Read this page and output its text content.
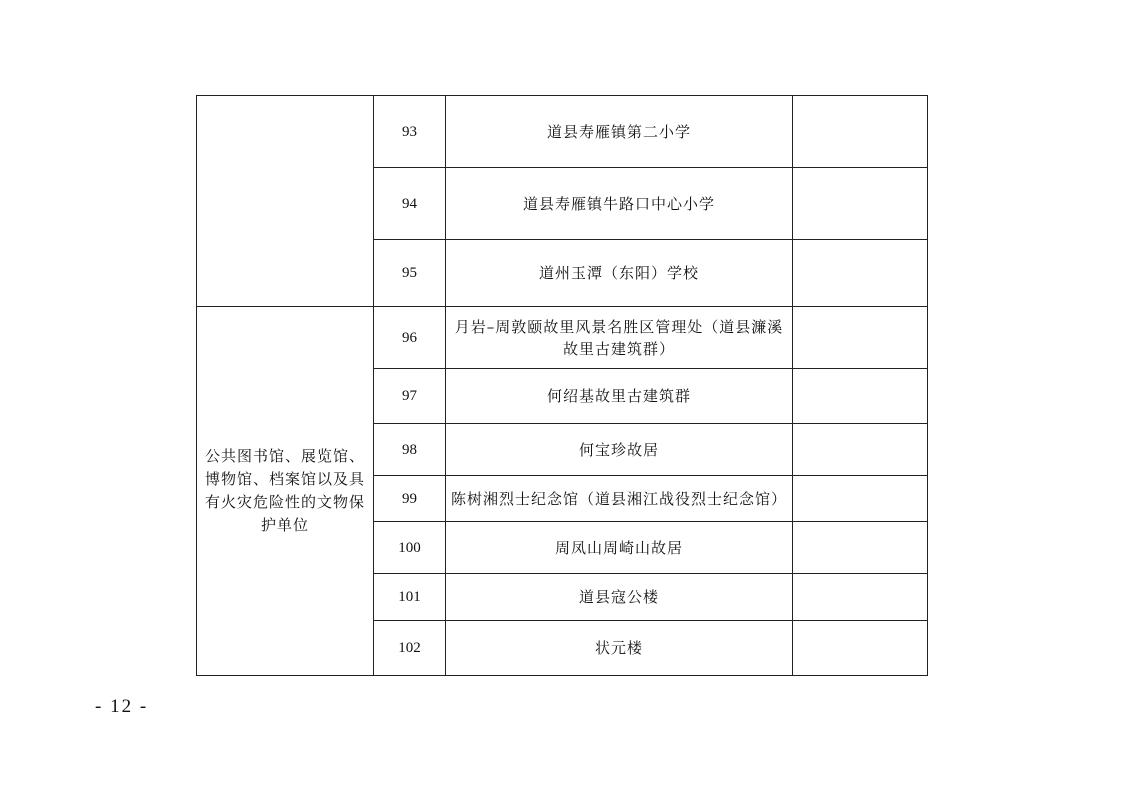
	93	道县寿雁镇第二小学	
	94	道县寿雁镇牛路口中心小学	
	95	道州玉潭（东阳）学校	
公共图书馆、展览馆、博物馆、档案馆以及具有火灾危险性的文物保护单位	96	月岩–周敦颐故里风景名胜区管理处（道县濂溪故里古建筑群）	
	97	何绍基故里古建筑群	
	98	何宝珍故居	
	99	陈树湘烈士纪念馆（道县湘江战役烈士纪念馆）	
	100	周凤山周崎山故居	
	101	道县寇公楼	
	102	状元楼	
- 12 -
